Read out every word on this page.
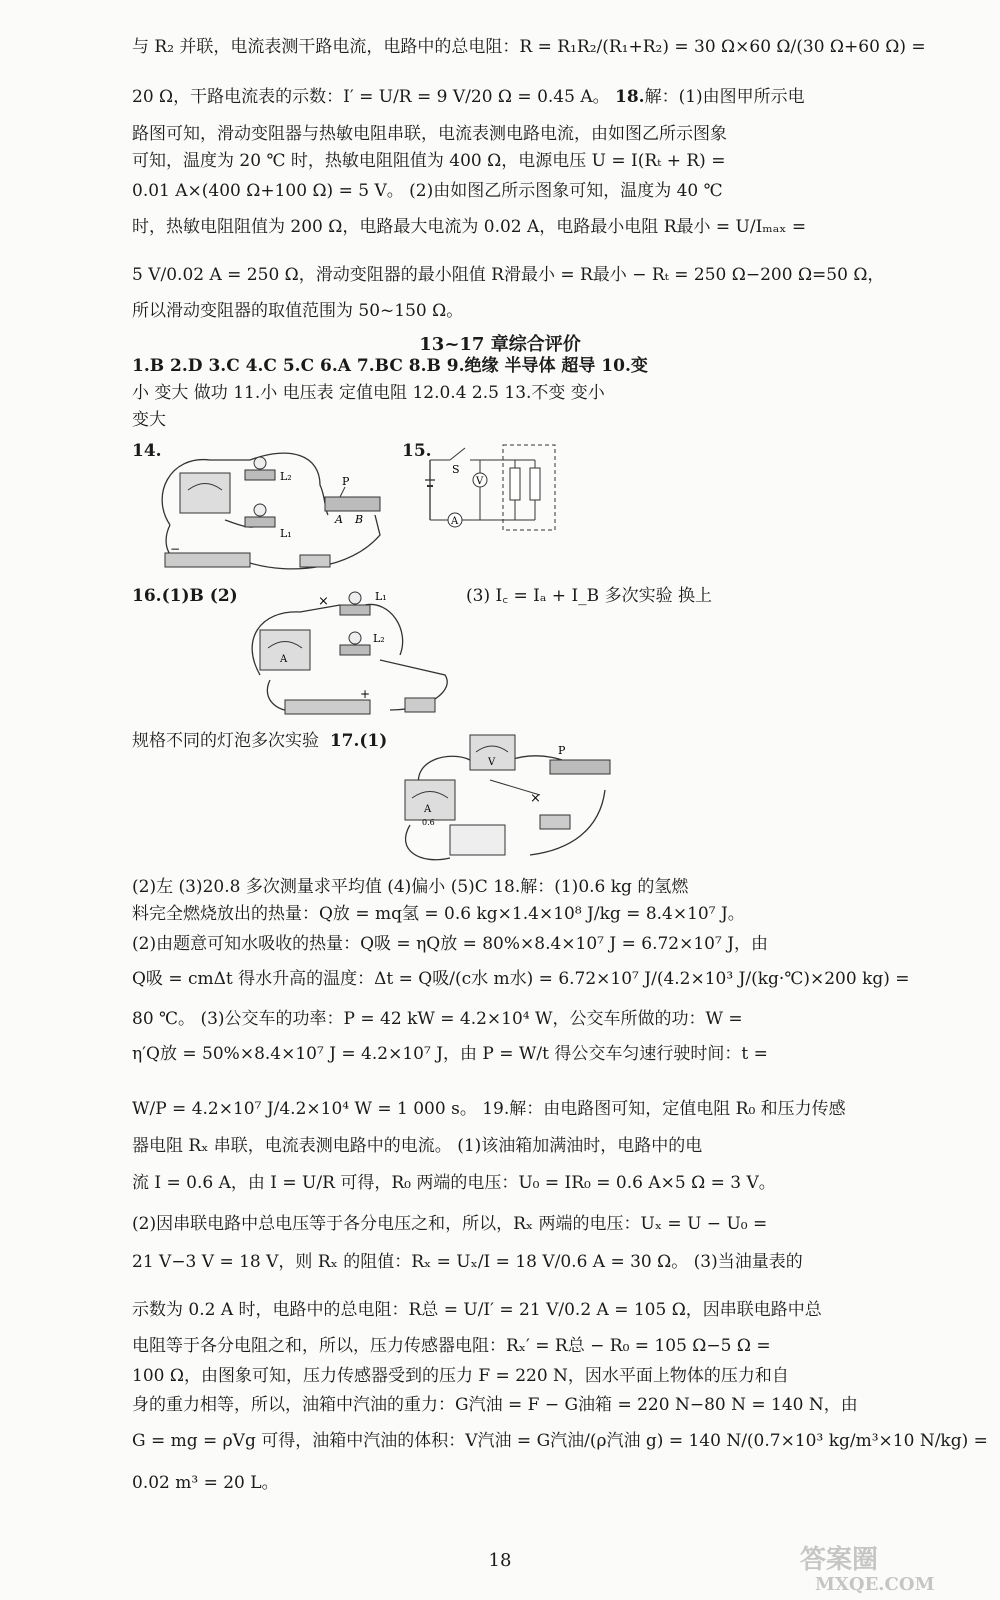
与 R₂ 并联，电流表测干路电流，电路中的总电阻：R = R₁R₂/(R₁+R₂) = 30 Ω×60 Ω/(30 Ω+60 Ω) =
20 Ω，干路电流表的示数：I′ = U/R = 9 V/20 Ω = 0.45 A。 18.解：(1)由图甲所示电
路图可知，滑动变阻器与热敏电阻串联，电流表测电路电流，由如图乙所示图象
可知，温度为 20 ℃ 时，热敏电阻阻值为 400 Ω，电源电压 U = I(Rₜ + R) =
0.01 A×(400 Ω+100 Ω) = 5 V。 (2)由如图乙所示图象可知，温度为 40 ℃
时，热敏电阻阻值为 200 Ω，电路最大电流为 0.02 A，电路最小电阻 R最小 = U/Iₘₐₓ =
5 V/0.02 A = 250 Ω，滑动变阻器的最小阻值 R滑最小 = R最小 − Rₜ = 250 Ω−200 Ω=50 Ω，
所以滑动变阻器的取值范围为 50~150 Ω。
13~17 章综合评价
1.B 2.D 3.C 4.C 5.C 6.A 7.BC 8.B 9.绝缘 半导体 超导 10.变
小 变大 做功 11.小 电压表 定值电阻 12.0.4 2.5 13.不变 变小
变大
14.	15.
L₂
L₁
P
A B
−
S
V
A
16.(1)B (2)	(3) I꜀ = Iₐ + I_B 多次实验 换上
L₁
L₂
×
+
A
规格不同的灯泡多次实验 17.(1)	P
V
A
×
0.6
(2)左 (3)20.8 多次测量求平均值 (4)偏小 (5)C 18.解：(1)0.6 kg 的氢燃
料完全燃烧放出的热量：Q放 = mq氢 = 0.6 kg×1.4×10⁸ J/kg = 8.4×10⁷ J。
(2)由题意可知水吸收的热量：Q吸 = ηQ放 = 80%×8.4×10⁷ J = 6.72×10⁷ J，由
Q吸 = cmΔt 得水升高的温度：Δt = Q吸/(c水 m水) = 6.72×10⁷ J/(4.2×10³ J/(kg·℃)×200 kg) =
80 ℃。 (3)公交车的功率：P = 42 kW = 4.2×10⁴ W，公交车所做的功：W =
η′Q放 = 50%×8.4×10⁷ J = 4.2×10⁷ J，由 P = W/t 得公交车匀速行驶时间：t =
W/P = 4.2×10⁷ J/4.2×10⁴ W = 1 000 s。 19.解：由电路图可知，定值电阻 R₀ 和压力传感
器电阻 Rₓ 串联，电流表测电路中的电流。 (1)该油箱加满油时，电路中的电
流 I = 0.6 A，由 I = U/R 可得，R₀ 两端的电压：U₀ = IR₀ = 0.6 A×5 Ω = 3 V。
(2)因串联电路中总电压等于各分电压之和，所以，Rₓ 两端的电压：Uₓ = U − U₀ =
21 V−3 V = 18 V，则 Rₓ 的阻值：Rₓ = Uₓ/I = 18 V/0.6 A = 30 Ω。 (3)当油量表的
示数为 0.2 A 时，电路中的总电阻：R总 = U/I′ = 21 V/0.2 A = 105 Ω，因串联电路中总
电阻等于各分电阻之和，所以，压力传感器电阻：Rₓ′ = R总 − R₀ = 105 Ω−5 Ω =
100 Ω，由图象可知，压力传感器受到的压力 F = 220 N，因水平面上物体的压力和自
身的重力相等，所以，油箱中汽油的重力：G汽油 = F − G油箱 = 220 N−80 N = 140 N，由
G = mg = ρVg 可得，油箱中汽油的体积：V汽油 = G汽油/(ρ汽油 g) = 140 N/(0.7×10³ kg/m³×10 N/kg) =
0.02 m³ = 20 L。
18	答案圈
MXQE.COM
